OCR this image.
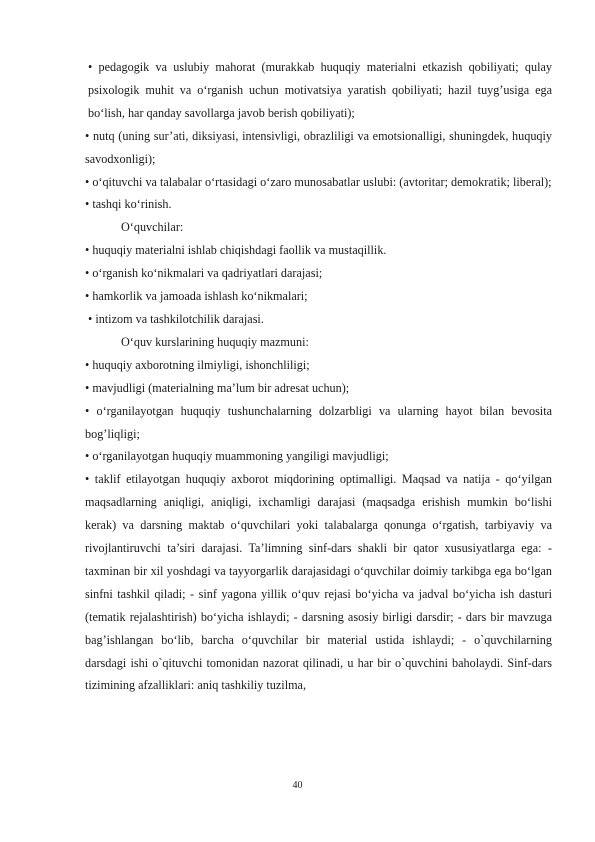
• pedagogik va uslubiy mahorat (murakkab huquqiy materialni etkazish qobiliyati; qulay psixologik muhit va o‘rganish uchun motivatsiya yaratish qobiliyati; hazil tuyg’usiga ega bo‘lish, har qanday savollarga javob berish qobiliyati);

• nutq (uning sur’ati, diksiyasi, intensivligi, obrazliligi va emotsionalligi, shuningdek, huquqiy savodxonligi);

• o‘qituvchi va talabalar o‘rtasidagi o‘zaro munosabatlar uslubi: (avtoritar; demokratik; liberal);

• tashqi ko‘rinish.

O‘quvchilar:

• huquqiy materialni ishlab chiqishdagi faollik va mustaqillik.

• o‘rganish ko‘nikmalari va qadriyatlari darajasi;

• hamkorlik va jamoada ishlash ko‘nikmalari;

• intizom va tashkilotchilik darajasi.

O‘quv kurslarining huquqiy mazmuni:

• huquqiy axborotning ilmiyligi, ishonchliligi;

• mavjudligi (materialning ma’lum bir adresat uchun);

• o‘rganilayotgan huquqiy tushunchalarning dolzarbligi va ularning hayot bilan bevosita bog’liqligi;

• o‘rganilayotgan huquqiy muammoning yangiligi mavjudligi;

• taklif etilayotgan huquqiy axborot miqdorining optimalligi. Maqsad va natija - qo‘yilgan maqsadlarning aniqligi, aniqligi, ixchamligi darajasi (maqsadga erishish mumkin bo‘lishi kerak) va darsning maktab o‘quvchilari yoki talabalarga qonunga o‘rgatish, tarbiyaviy va rivojlantiruvchi ta’siri darajasi. Ta’limning sinf-dars shakli bir qator xususiyatlarga ega: - taxminan bir xil yoshdagi va tayyorgarlik darajasidagi o‘quvchilar doimiy tarkibga ega bo‘lgan sinfni tashkil qiladi; - sinf yagona yillik o‘quv rejasi bo‘yicha va jadval bo‘yicha ish dasturi (tematik rejalashtirish) bo‘yicha ishlaydi; - darsning asosiy birligi darsdir; - dars bir mavzuga bag’ishlangan bo‘lib, barcha o‘quvchilar bir material ustida ishlaydi; - o`quvchilarning darsdagi ishi o`qituvchi tomonidan nazorat qilinadi, u har bir o`quvchini baholaydi. Sinf-dars tizimining afzalliklari: aniq tashkiliy tuzilma,

40
